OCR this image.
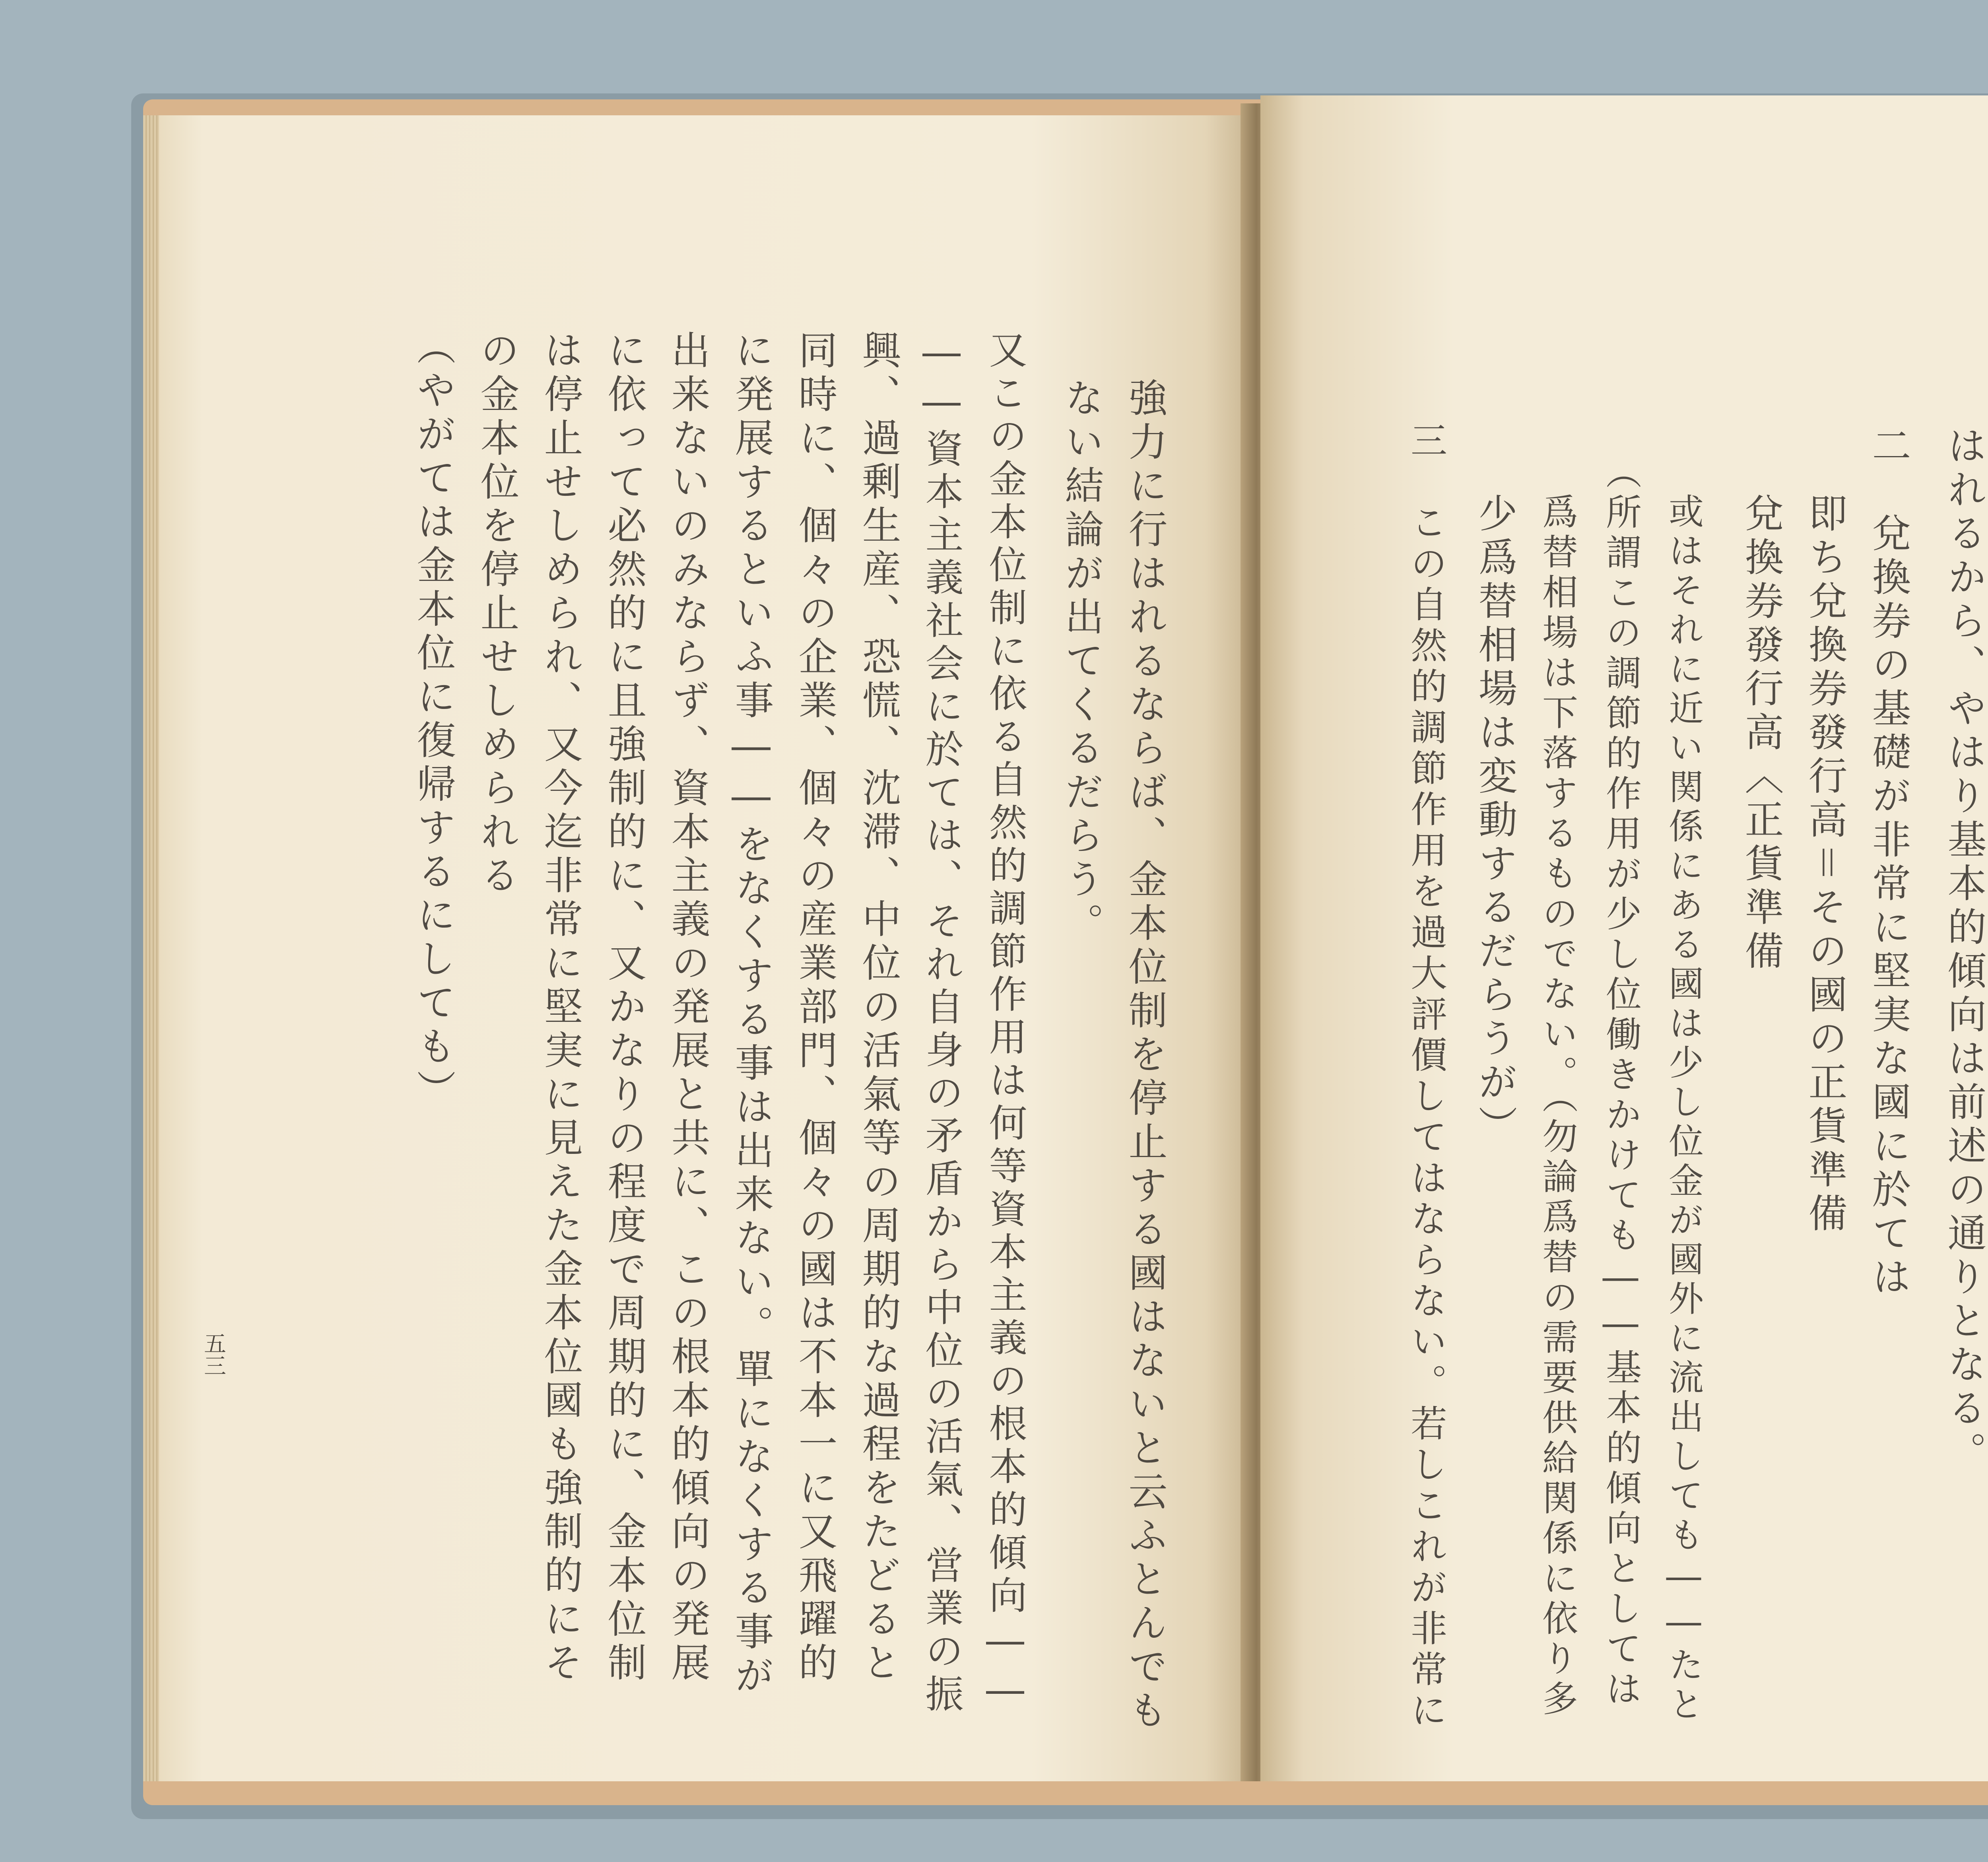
五三	強力に行はれるならば、金本位制を停止する國はないと云ふとんでも
ない結論が出てくるだらう。
又この金本位制に依る自然的調節作用は何等資本主義の根本的傾向――
――資本主義社会に於ては、それ自身の矛盾から中位の活氣、営業の振
興、過剰生産、恐慌、沈滞、中位の活氣等の周期的な過程をたどると
同時に、個々の企業、個々の産業部門、個々の國は不本一に又飛躍的
に発展するといふ事――をなくする事は出来ない。單になくする事が
出来ないのみならず、資本主義の発展と共に、この根本的傾向の発展
に依って必然的に且強制的に、又かなりの程度で周期的に、金本位制
は停止せしめられ、又今迄非常に堅実に見えた金本位國も強制的にそ
の金本位を停止せしめられる
（やがては金本位に復帰するにしても）	はれるから、やはり基本的傾向は前述の通りとなる。
二　兌換券の基礎が非常に堅実な國に於ては
即ち兌換券發行高＝その國の正貨準備
兌換券發行高〈正貨準備
或はそれに近い関係にある國は少し位金が國外に流出しても――たと
（所謂この調節的作用が少し位働きかけても――基本的傾向としては
爲替相場は下落するものでない。（勿論爲替の需要供給関係に依り多
少爲替相場は変動するだらうが）
三　この自然的調節作用を過大評價してはならない。若しこれが非常に
